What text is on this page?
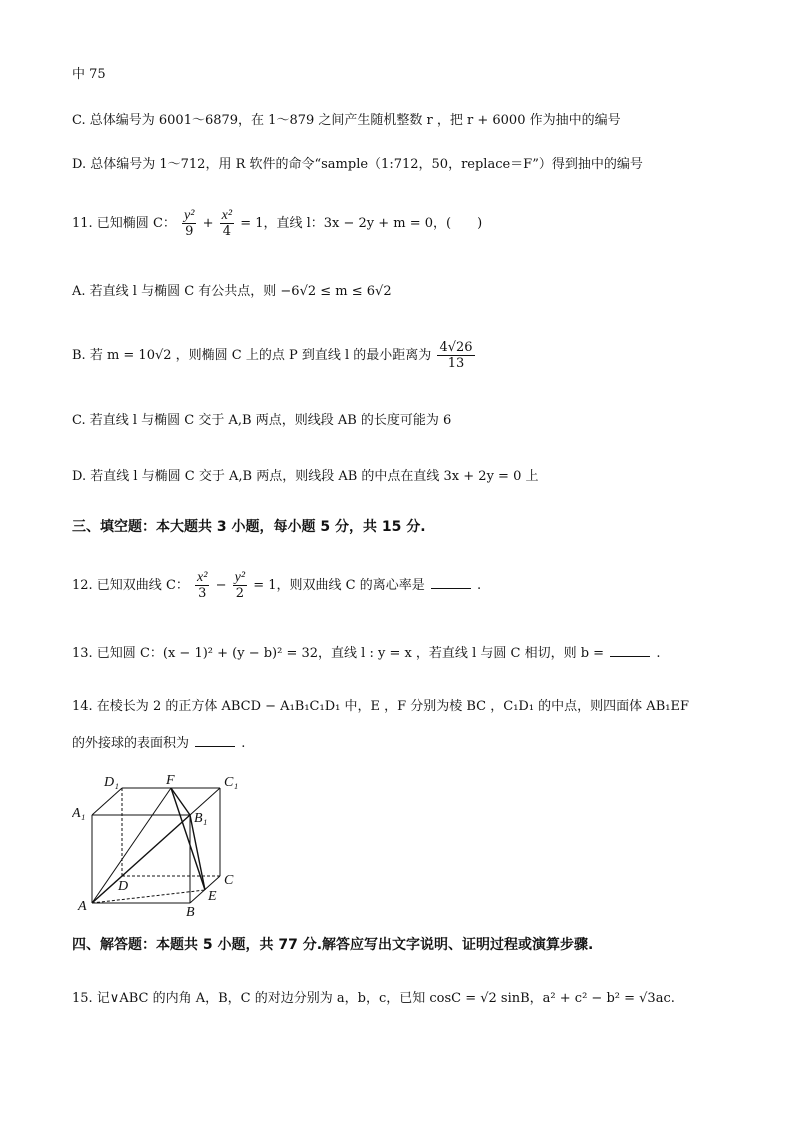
中 75
C. 总体编号为 6001～6879，在 1～879 之间产生随机整数 r ，把 r + 6000 作为抽中的编号
D. 总体编号为 1～712，用 R 软件的命令“sample（1:712，50，replace＝F”）得到抽中的编号
11. 已知椭圆 C： $\frac{\text{y²}}{9} + \frac{\text{x²}}{4} = 1$，直线 l：3x − 2y + m = 0，(　　)
A. 若直线 l 与椭圆 C 有公共点，则 −6√2 ≤ m ≤ 6√2
B. 若 m = 10√2 ，则椭圆 C 上的点 P 到直线 l 的最小距离为 $\frac{4√26}{13}$
C. 若直线 l 与椭圆 C 交于 A,B 两点，则线段 AB 的长度可能为 6
D. 若直线 l 与椭圆 C 交于 A,B 两点，则线段 AB 的中点在直线 3x + 2y = 0 上
三、填空题：本大题共 3 小题，每小题 5 分，共 15 分.
12. 已知双曲线 C： $\frac{\text{x²}}{3} - \frac{\text{y²}}{2} = 1$，则双曲线 C 的离心率是	.
13. 已知圆 C：(x − 1)² + (y − b)² = 32，直线 l : y = x ，若直线 l 与圆 C 相切，则 b =	.
14. 在棱长为 2 的正方体 ABCD − A₁B₁C₁D₁ 中，E ，F 分别为棱 BC ，C₁D₁ 的中点，则四面体 AB₁EF
的外接球的表面积为	.
D₁	F	C₁
A₁	B₁
D	C
A
E
B
四、解答题：本题共 5 小题，共 77 分.解答应写出文字说明、证明过程或演算步骤.
15. 记∨ABC 的内角 A，B，C 的对边分别为 a，b，c，已知 cosC = √2 sinB，a² + c² − b² = √3ac.
